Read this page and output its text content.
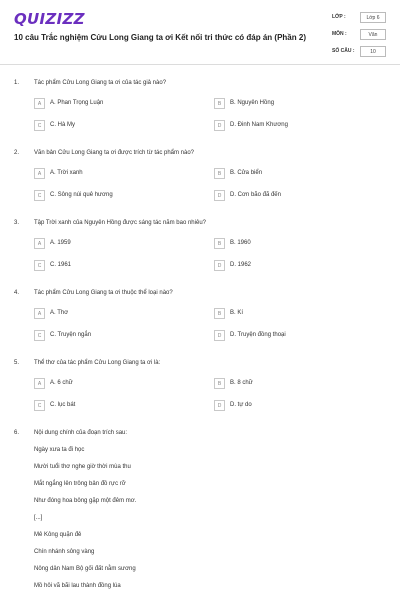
QUIZIZZ
10 câu Trắc nghiệm Cửu Long Giang ta ơi Kết nối tri thức có đáp án (Phần 2)
LỚP :	Lớp 6
MÔN :	Văn
SỐ CÂU :	10
1. Tác phẩm Cửu Long Giang ta ơi của tác giả nào?
A	A. Phan Trọng Luận	B	B. Nguyên Hồng
C	C. Hà My	D	D. Đinh Nam Khương
2. Văn bản Cửu Long Giang ta ơi được trích từ tác phẩm nào?
A	A. Trời xanh	B	B. Cửa biển
C	C. Sông núi quê hương	D	D. Cơn bão đã đến
3. Tập Trời xanh của Nguyên Hồng được sáng tác năm bao nhiêu?
A	A. 1959	B	B. 1960
C	C. 1961	D	D. 1962
4. Tác phẩm Cửu Long Giang ta ơi thuộc thể loại nào?
A	A. Thơ	B	B. Kí
C	C. Truyện ngắn	D	D. Truyện đồng thoại
5. Thể thơ của tác phẩm Cửu Long Giang ta ơi là:
A	A. 6 chữ	B	B. 8 chữ
C	C. lục bát	D	D. tự do
6. Nội dung chính của đoạn trích sau:
Ngày xưa ta đi học
Mười tuổi thơ nghe giờ thời mùa thu
Mắt ngắng lên trông bản đồ rực rỡ
Như đóng hoa bông gặp một đêm mơ.
[...]
Mê Kông quặn đẻ
Chín nhánh sông vàng
Nông dân Nam Bộ gối đất nằm sương
Mồ hôi vã bãi lau thành đồng lúa
